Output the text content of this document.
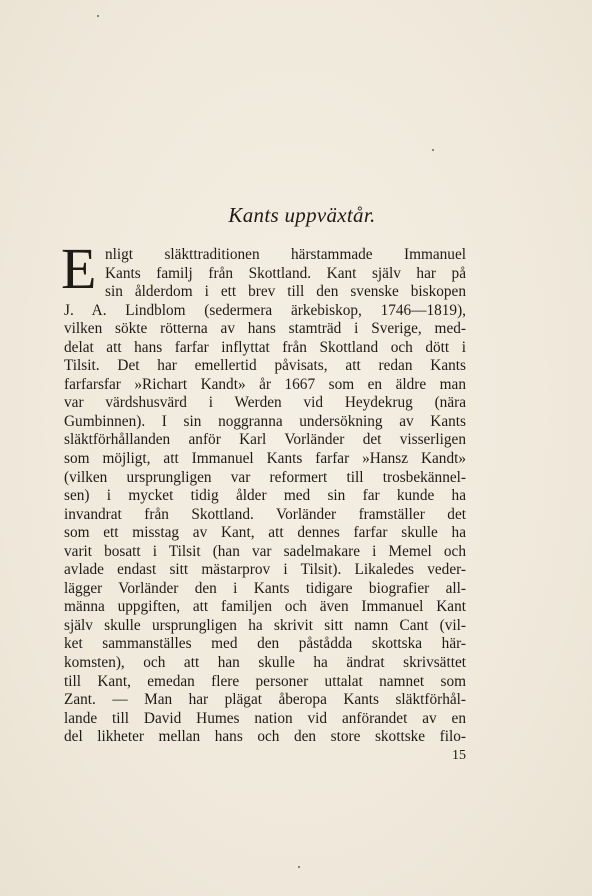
Kants uppväxtår.
E nligt släkttraditionen härstammade Immanuel
Kants familj från Skottland. Kant själv har på
sin ålderdom i ett brev till den svenske biskopen
J. A. Lindblom (sedermera ärkebiskop, 1746—1819),
vilken sökte rötterna av hans stamträd i Sverige, med-
delat att hans farfar inflyttat från Skottland och dött i
Tilsit. Det har emellertid påvisats, att redan Kants
farfarsfar »Richart Kandt» år 1667 som en äldre man
var värdshusvärd i Werden vid Heydekrug (nära
Gumbinnen). I sin noggranna undersökning av Kants
släktförhållanden anför Karl Vorländer det visserligen
som möjligt, att Immanuel Kants farfar »Hansz Kandt»
(vilken ursprungligen var reformert till trosbekännel-
sen) i mycket tidig ålder med sin far kunde ha
invandrat från Skottland. Vorländer framställer det
som ett misstag av Kant, att dennes farfar skulle ha
varit bosatt i Tilsit (han var sadelmakare i Memel och
avlade endast sitt mästarprov i Tilsit). Likaledes veder-
lägger Vorländer den i Kants tidigare biografier all-
männa uppgiften, att familjen och även Immanuel Kant
själv skulle ursprungligen ha skrivit sitt namn Cant (vil-
ket sammanställes med den påstådda skottska här-
komsten), och att han skulle ha ändrat skrivsättet
till Kant, emedan flere personer uttalat namnet som
Zant. — Man har plägat åberopa Kants släktförhål-
lande till David Humes nation vid anförandet av en
del likheter mellan hans och den store skottske filo-
15
